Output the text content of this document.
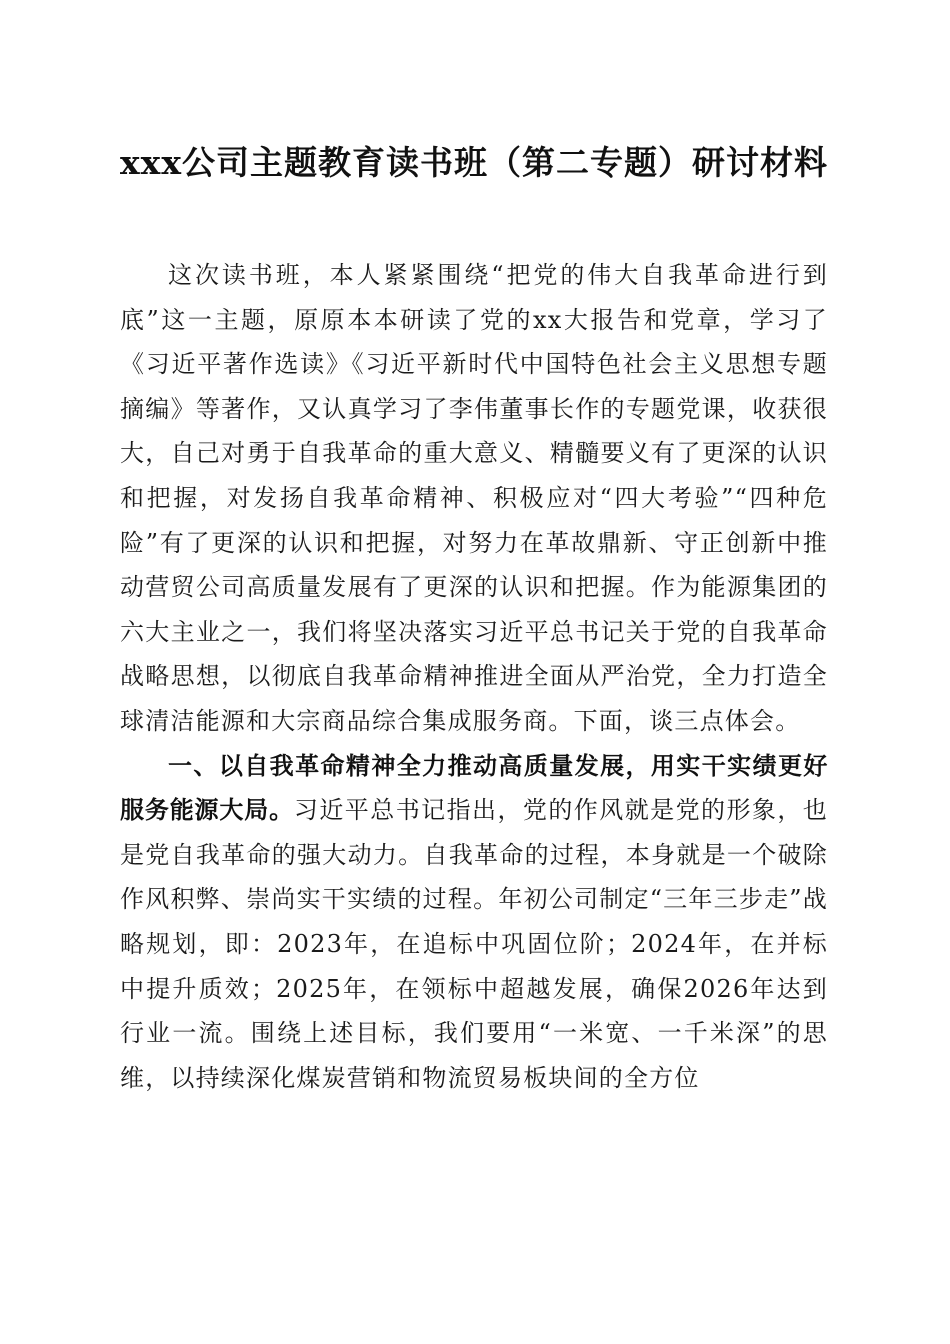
xxx公司主题教育读书班（第二专题）研讨材料

这次读书班，本人紧紧围绕“把党的伟大自我革命进行到底”这一主题，原原本本研读了党的xx大报告和党章，学习了《习近平著作选读》《习近平新时代中国特色社会主义思想专题摘编》等著作，又认真学习了李伟董事长作的专题党课，收获很大，自己对勇于自我革命的重大意义、精髓要义有了更深的认识和把握，对发扬自我革命精神、积极应对“四大考验”“四种危险”有了更深的认识和把握，对努力在革故鼎新、守正创新中推动营贸公司高质量发展有了更深的认识和把握。作为能源集团的六大主业之一，我们将坚决落实习近平总书记关于党的自我革命战略思想，以彻底自我革命精神推进全面从严治党，全力打造全球清洁能源和大宗商品综合集成服务商。下面，谈三点体会。

一、以自我革命精神全力推动高质量发展，用实干实绩更好服务能源大局。习近平总书记指出，党的作风就是党的形象，也是党自我革命的强大动力。自我革命的过程，本身就是一个破除作风积弊、崇尚实干实绩的过程。年初公司制定“三年三步走”战略规划，即：2023年，在追标中巩固位阶；2024年，在并标中提升质效；2025年，在领标中超越发展，确保2026年达到行业一流。围绕上述目标，我们要用“一米宽、一千米深”的思维，以持续深化煤炭营销和物流贸易板块间的全方位
